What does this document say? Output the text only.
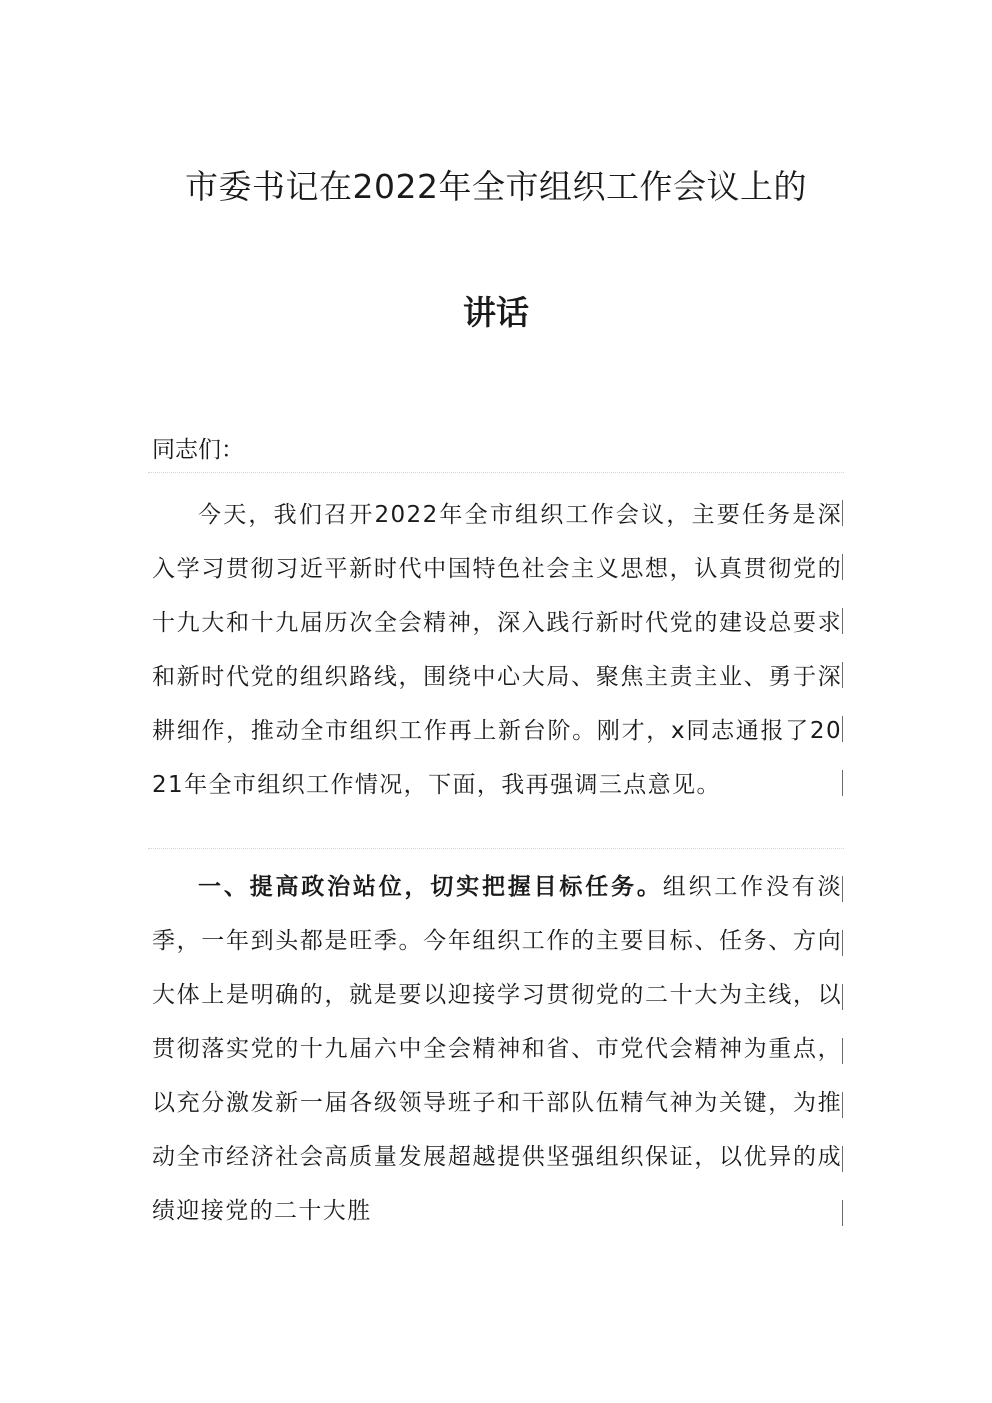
市委书记在2022年全市组织工作会议上的
讲话
同志们：
今天，我们召开2022年全市组织工作会议，主要任务是深入学习贯彻习近平新时代中国特色社会主义思想，认真贯彻党的十九大和十九届历次全会精神，深入践行新时代党的建设总要求和新时代党的组织路线，围绕中心大局、聚焦主责主业、勇于深耕细作，推动全市组织工作再上新台阶。刚才，x同志通报了2021年全市组织工作情况，下面，我再强调三点意见。
一、提高政治站位，切实把握目标任务。组织工作没有淡季，一年到头都是旺季。今年组织工作的主要目标、任务、方向大体上是明确的，就是要以迎接学习贯彻党的二十大为主线，以贯彻落实党的十九届六中全会精神和省、市党代会精神为重点，以充分激发新一届各级领导班子和干部队伍精气神为关键，为推动全市经济社会高质量发展超越提供坚强组织保证，以优异的成绩迎接党的二十大胜
